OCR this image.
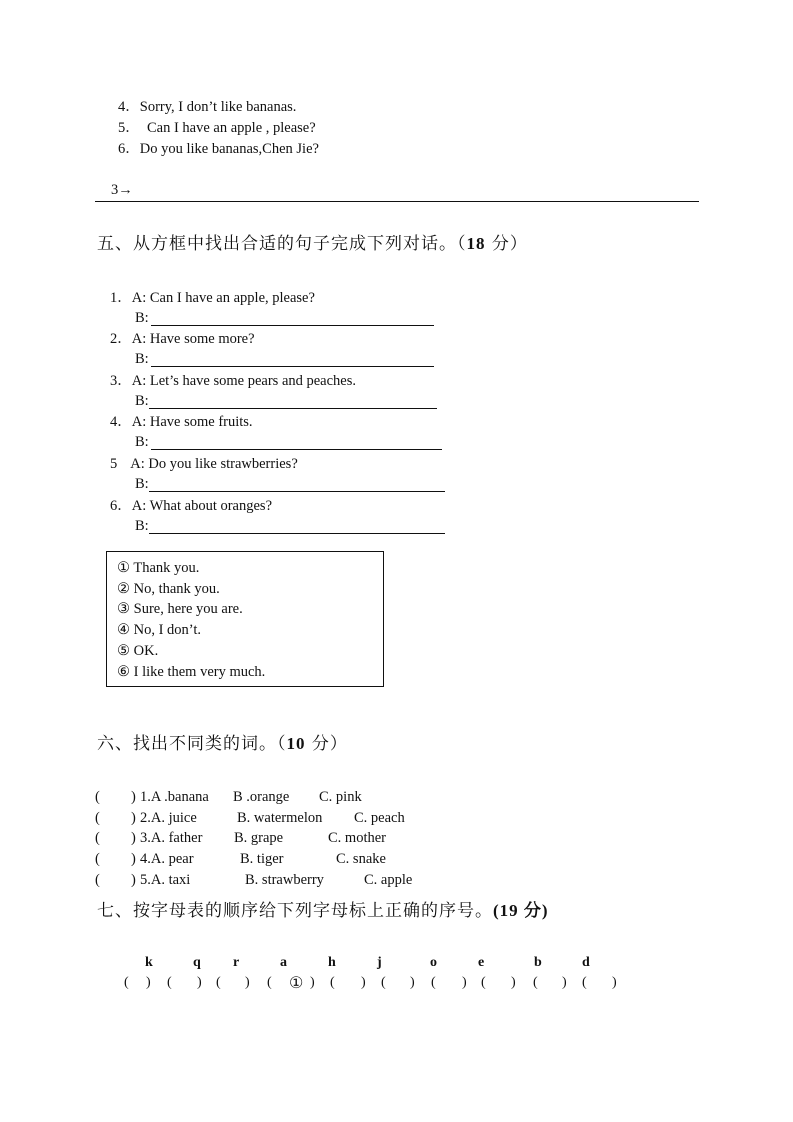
4．Sorry, I don’t like bananas.
5．  Can I have an apple , please?
6．Do you like bananas,Chen Jie?
3→
五、从方框中找出合适的句子完成下列对话。（18 分）
1．A: Can I have an apple, please?
B:
2．A: Have some more?
B:
3．A: Let’s have some pears and peaches.
B:
4．A: Have some fruits.
B:
5 A: Do you like strawberries?
B:
6．A: What about oranges?
B:
① Thank you.
② No, thank you.
③ Sure, here you are.
④ No, I don’t.
⑤ OK.
⑥ I like them very much.
六、找出不同类的词。（10 分）
( ) 1.A .banana B .orange C. pink
( ) 2.A. juice	B. watermelon C. peach
( ) 3.A. father B. grape	C. mother
( ) 4.A. pear	B. tiger	C. snake
( ) 5.A. taxi	B. strawberry	C. apple
七、按字母表的顺序给下列字母标上正确的序号。(19 分)
k	q r	a	h	j	o	e	b	d
( ) ( ) ( ) ( ① ) ( ) ( ) ( ) ( ) ( ) ( )
